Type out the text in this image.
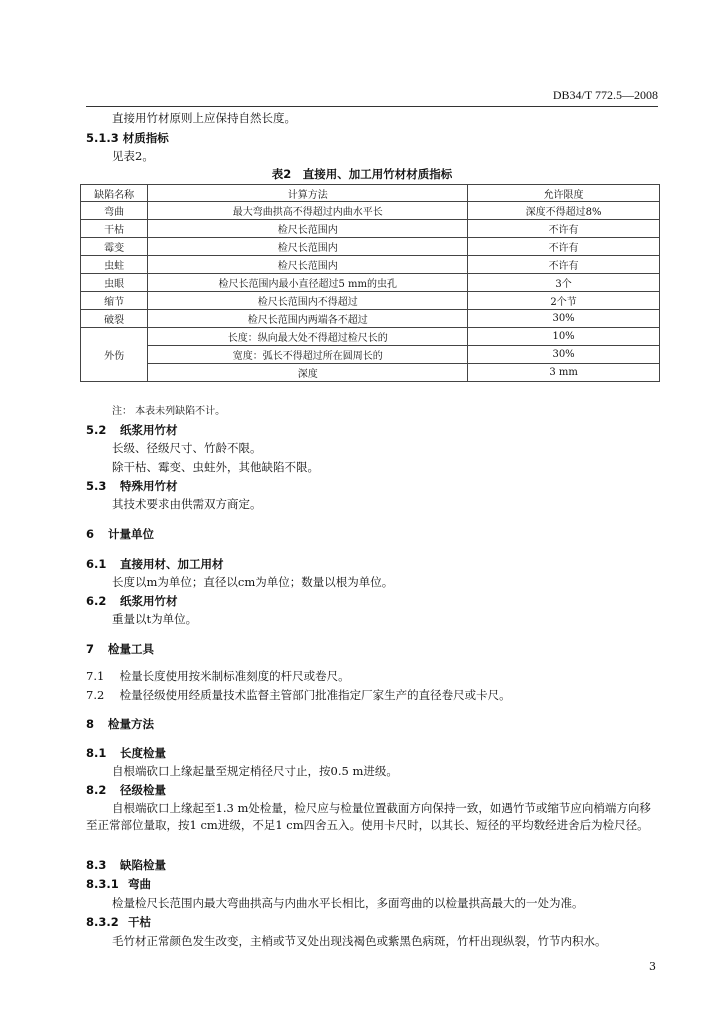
DB34/T 772.5—2008
直接用竹材原则上应保持自然长度。
5.1.3 材质指标
见表2。
表2　直接用、加工用竹材材质指标
缺陷名称	计算方法	允许限度
弯曲	最大弯曲拱高不得超过内曲水平长	深度不得超过8%
干枯	检尺长范围内	不许有
霉变	检尺长范围内	不许有
虫蛀	检尺长范围内	不许有
虫眼	检尺长范围内最小直径超过5 mm的虫孔	3个
缩节	检尺长范围内不得超过	2个节
破裂	检尺长范围内两端各不超过	30%
外伤	长度：纵向最大处不得超过检尺长的	10%
	宽度：弧长不得超过所在圆周长的	30%
	深度	3 mm
注： 本表未列缺陷不计。
5.2 纸浆用竹材
长级、径级尺寸、竹龄不限。
除干枯、霉变、虫蛀外，其他缺陷不限。
5.3 特殊用竹材
其技术要求由供需双方商定。
6 计量单位
6.1 直接用材、加工用材
长度以m为单位；直径以cm为单位；数量以根为单位。
6.2 纸浆用竹材
重量以t为单位。
7 检量工具
7.1 检量长度使用按米制标准刻度的杆尺或卷尺。
7.2 检量径级使用经质量技术监督主管部门批准指定厂家生产的直径卷尺或卡尺。
8 检量方法
8.1 长度检量
自根端砍口上缘起量至规定梢径尺寸止，按0.5 m进级。
8.2 径级检量
自根端砍口上缘起至1.3 m处检量，检尺应与检量位置截面方向保持一致，如遇竹节或缩节应向梢端方向移至正常部位量取，按1 cm进级，不足1 cm四舍五入。使用卡尺时，以其长、短径的平均数经进舍后为检尺径。
8.3 缺陷检量
8.3.1 弯曲
检量检尺长范围内最大弯曲拱高与内曲水平长相比，多面弯曲的以检量拱高最大的一处为准。
8.3.2 干枯
毛竹材正常颜色发生改变，主梢或节叉处出现浅褐色或紫黑色病斑，竹杆出现纵裂，竹节内积水。
3
